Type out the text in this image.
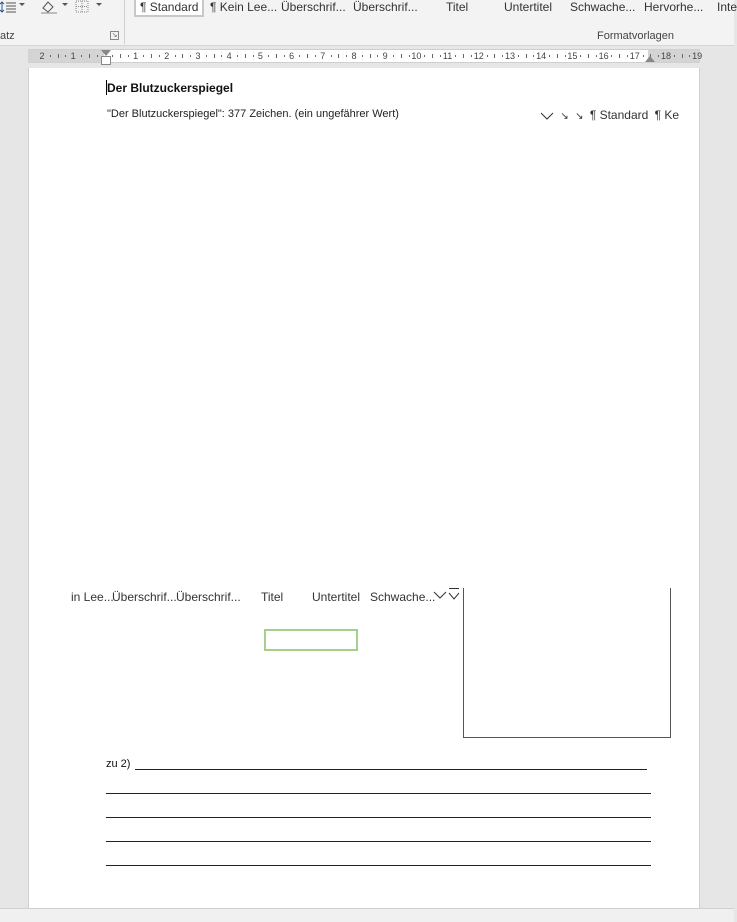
atz	↘
¶ Standard ¶ Kein Lee... Überschrif... Überschrif... Titel	Untertitel Schwache... Hervorhe... Inte
Formatvorlagen
2	1	1	2	3	4	5	6	7	8	9	10 11 12 13 14 15 16 17 18 19
Der Blutzuckerspiegel
"Der Blutzuckerspiegel": 377 Zeichen. (ein ungefährer Wert)	↘ ↘ ¶ Standard ¶ Ke
in Lee...
Überschrif... Überschrif... Titel Untertitel Schwache...
zu 2)
